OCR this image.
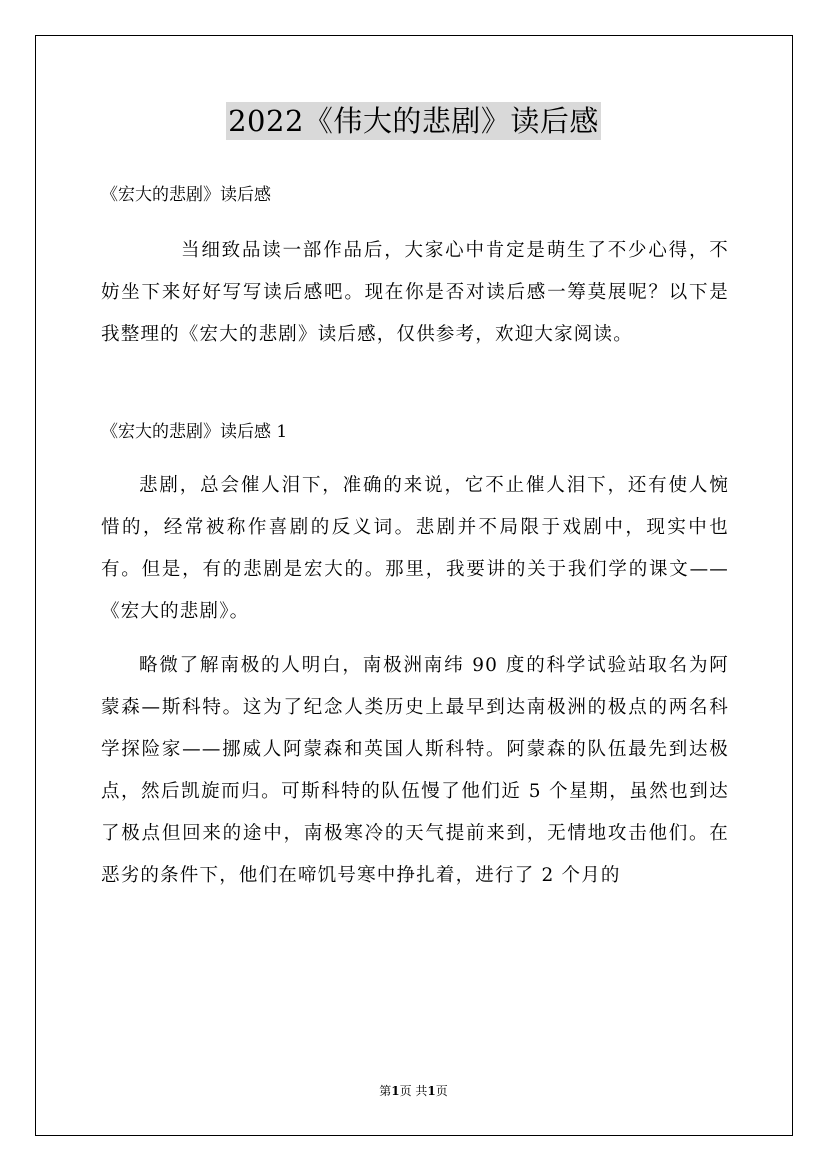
2022《伟大的悲剧》读后感

《宏大的悲剧》读后感

当细致品读一部作品后，大家心中肯定是萌生了不少心得，不妨坐下来好好写写读后感吧。现在你是否对读后感一筹莫展呢？以下是我整理的《宏大的悲剧》读后感，仅供参考，欢迎大家阅读。

《宏大的悲剧》读后感 1

悲剧，总会催人泪下，准确的来说，它不止催人泪下，还有使人惋惜的，经常被称作喜剧的反义词。悲剧并不局限于戏剧中，现实中也有。但是，有的悲剧是宏大的。那里，我要讲的关于我们学的课文——《宏大的悲剧》。

略微了解南极的人明白，南极洲南纬 90 度的科学试验站取名为阿蒙森—斯科特。这为了纪念人类历史上最早到达南极洲的极点的两名科学探险家——挪威人阿蒙森和英国人斯科特。阿蒙森的队伍最先到达极点，然后凯旋而归。可斯科特的队伍慢了他们近 5 个星期，虽然也到达了极点但回来的途中，南极寒冷的天气提前来到，无情地攻击他们。在恶劣的条件下，他们在啼饥号寒中挣扎着，进行了 2 个月的

第1页 共1页
